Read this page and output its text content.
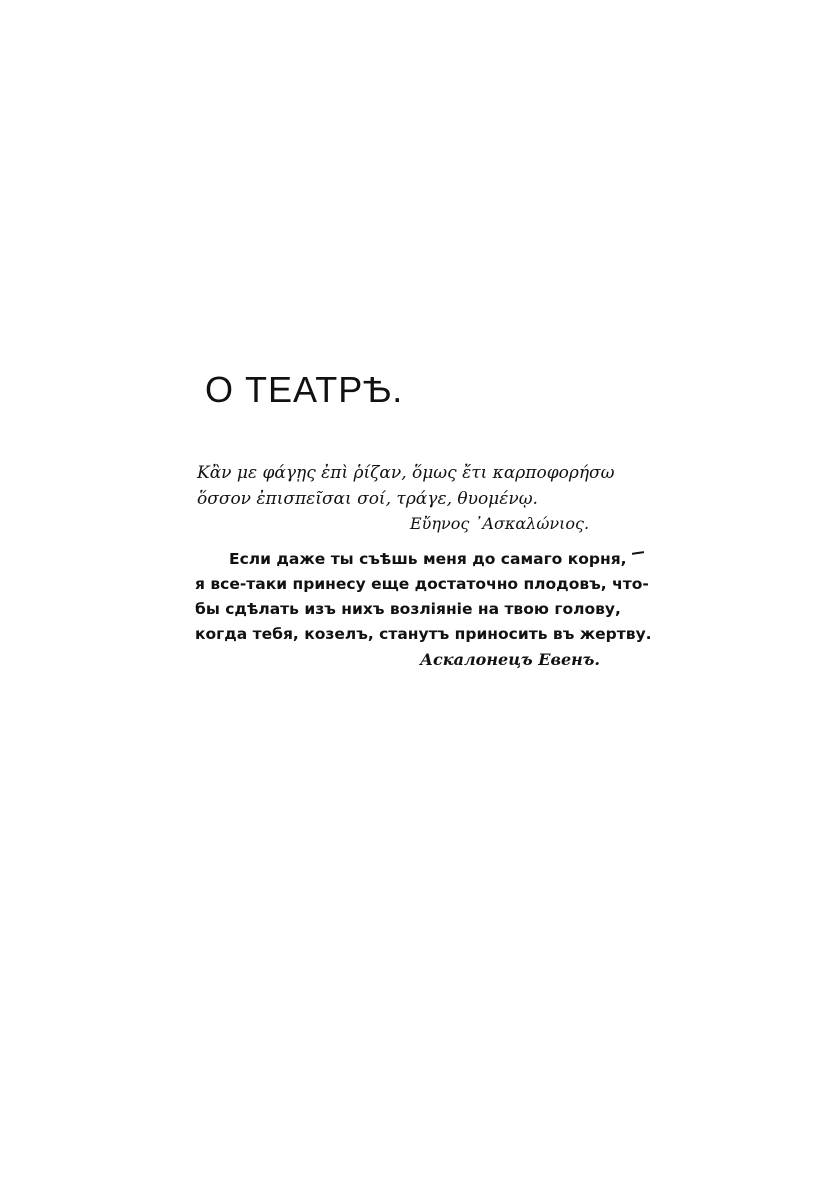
О ТЕАТРѢ.

Κἂν με φάγῃς ἐπὶ ῥίζαν, ὅμως ἔτι καρποφορήσω

ὅσσον ἐπισπεῖσαι σοί, τράγε, θυομένῳ.

Εὔηνος ᾽Ασκαλώνιος.

Если даже ты съѣшь меня до самаго корня,

я все-таки принесу еще достаточно плодовъ, что-

бы сдѣлать изъ нихъ возлiянiе на твою голову,

когда тебя, козелъ, станутъ приносить въ жертву.

Аскалонецъ Евенъ.
